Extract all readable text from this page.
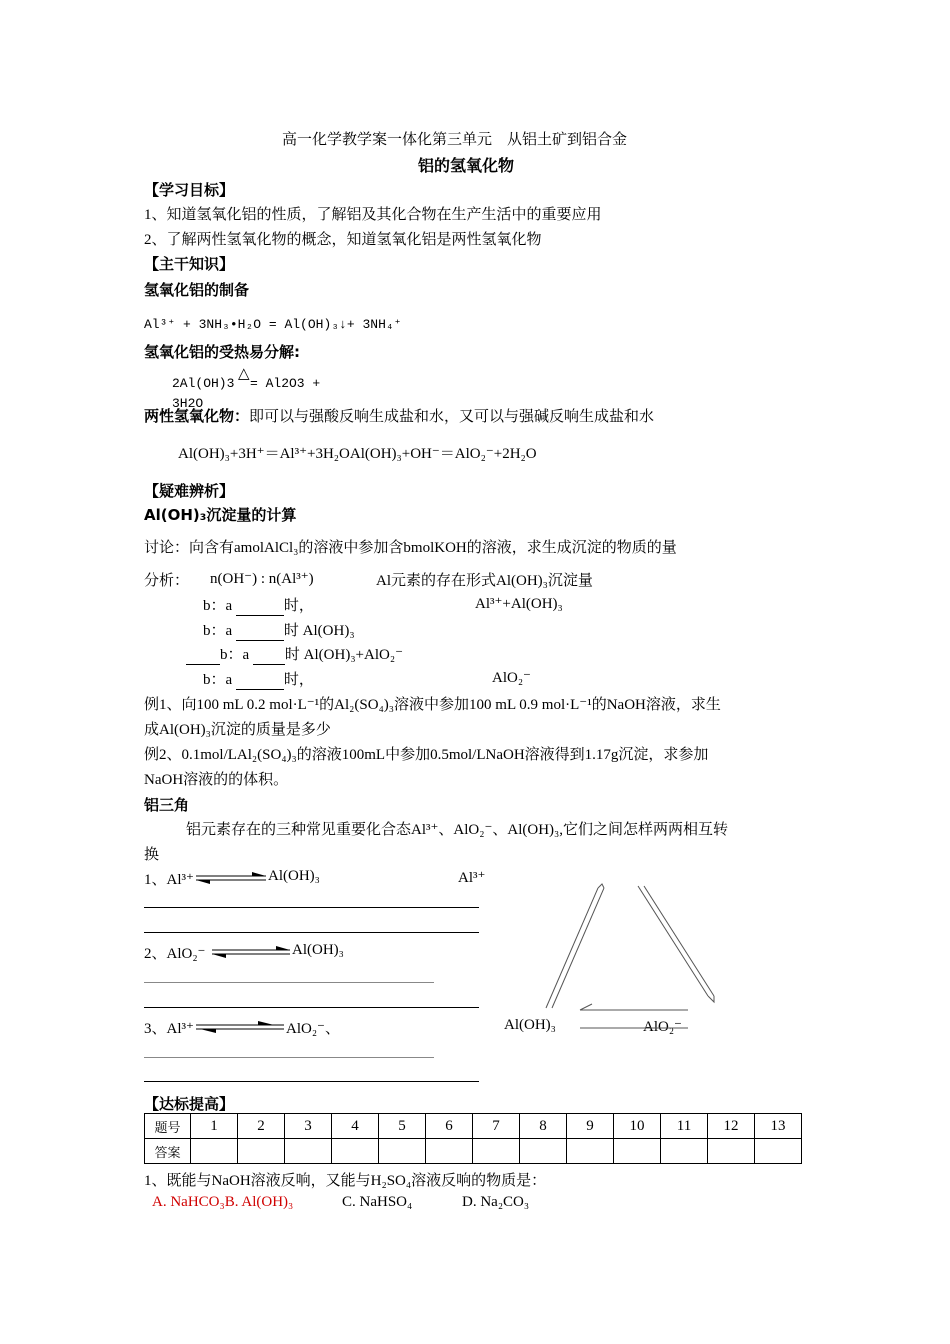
高一化学教学案一体化第三单元　从铝土矿到铝合金
铝的氢氧化物
【学习目标】
1、知道氢氧化铝的性质，了解铝及其化合物在生产生活中的重要应用
2、了解两性氢氧化物的概念，知道氢氧化铝是两性氢氧化物
【主干知识】
氢氧化铝的制备
Al³⁺ + 3NH₃•H₂O = Al(OH)₃↓+ 3NH₄⁺
氢氧化铝的受热易分解:
2Al(OH)3
△
= Al2O3 +
3H2O
两性氢氧化物：即可以与强酸反响生成盐和水，又可以与强碱反响生成盐和水
Al(OH)₃+3H⁺＝Al³⁺+3H₂OAl(OH)₃+OH⁻＝AlO₂⁻+2H₂O
【疑难辨析】
Al(OH)₃沉淀量的计算
讨论：向含有amolAlCl₃的溶液中参加含bmolKOH的溶液，求生成沉淀的物质的量
分析： n(OH⁻) : n(Al³⁺)	Al元素的存在形式Al(OH)₃沉淀量
b：a	时，	Al³⁺+Al(OH)₃
b：a	时 Al(OH)₃
b：a  时 Al(OH)₃+AlO₂⁻
b：a	时，	AlO₂⁻
例1、向100 mL 0.2 mol·L⁻¹的Al₂(SO₄)₃溶液中参加100 mL 0.9 mol·L⁻¹的NaOH溶液，求生
成Al(OH)₃沉淀的质量是多少
例2、0.1mol/LAl₂(SO₄)₃的溶液100mL中参加0.5mol/LNaOH溶液得到1.17g沉淀，求参加
NaOH溶液的的体积。
铝三角
铝元素存在的三种常见重要化合态Al³⁺、AlO₂⁻、Al(OH)₃,它们之间怎样两两相互转
换
1、Al³⁺	Al(OH)₃
2、AlO₂⁻	Al(OH)₃
3、Al³⁺	AlO₂⁻、
Al³⁺
Al(OH)₃	AlO₂⁻
【达标提高】
题号	1	2	3	4	5	6	7	8	9	10	11	12	13
答案													
1、既能与NaOH溶液反响，又能与H₂SO₄溶液反响的物质是：
A. NaHCO₃B. Al(OH)₃	C. NaHSO₄	D. Na₂CO₃
